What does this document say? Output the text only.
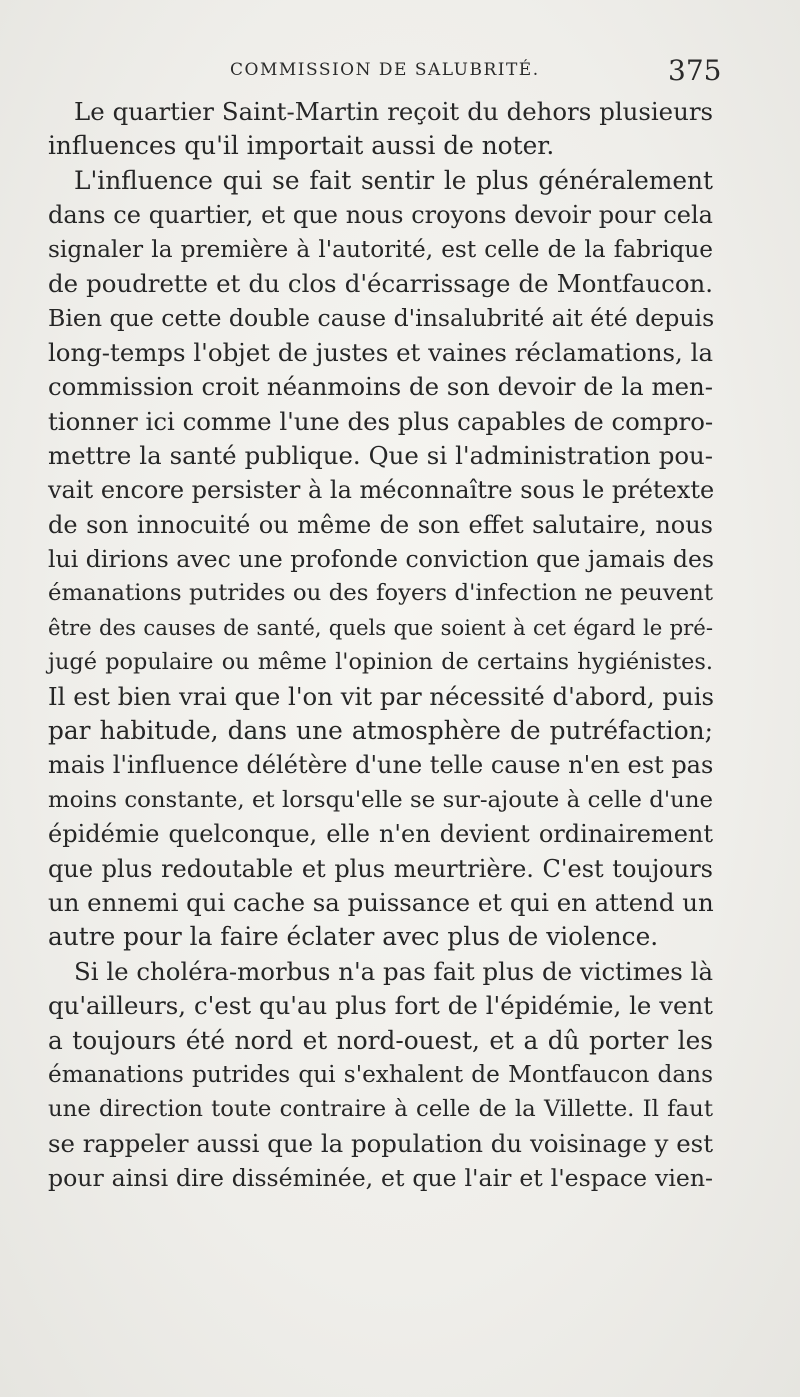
COMMISSION DE SALUBRITÉ.	375
Le quartier Saint-Martin reçoit du dehors plusieurs
influences qu'il importait aussi de noter.
L'influence qui se fait sentir le plus généralement
dans ce quartier, et que nous croyons devoir pour cela
signaler la première à l'autorité, est celle de la fabrique
de poudrette et du clos d'écarrissage de Montfaucon.
Bien que cette double cause d'insalubrité ait été depuis
long-temps l'objet de justes et vaines réclamations, la
commission croit néanmoins de son devoir de la men-
tionner ici comme l'une des plus capables de compro-
mettre la santé publique. Que si l'administration pou-
vait encore persister à la méconnaître sous le prétexte
de son innocuité ou même de son effet salutaire, nous
lui dirions avec une profonde conviction que jamais des
émanations putrides ou des foyers d'infection ne peuvent
être des causes de santé, quels que soient à cet égard le pré-
jugé populaire ou même l'opinion de certains hygiénistes.
Il est bien vrai que l'on vit par nécessité d'abord, puis
par habitude, dans une atmosphère de putréfaction;
mais l'influence délétère d'une telle cause n'en est pas
moins constante, et lorsqu'elle se sur-ajoute à celle d'une
épidémie quelconque, elle n'en devient ordinairement
que plus redoutable et plus meurtrière. C'est toujours
un ennemi qui cache sa puissance et qui en attend un
autre pour la faire éclater avec plus de violence.
Si le choléra-morbus n'a pas fait plus de victimes là
qu'ailleurs, c'est qu'au plus fort de l'épidémie, le vent
a toujours été nord et nord-ouest, et a dû porter les
émanations putrides qui s'exhalent de Montfaucon dans
une direction toute contraire à celle de la Villette. Il faut
se rappeler aussi que la population du voisinage y est
pour ainsi dire disséminée, et que l'air et l'espace vien-
